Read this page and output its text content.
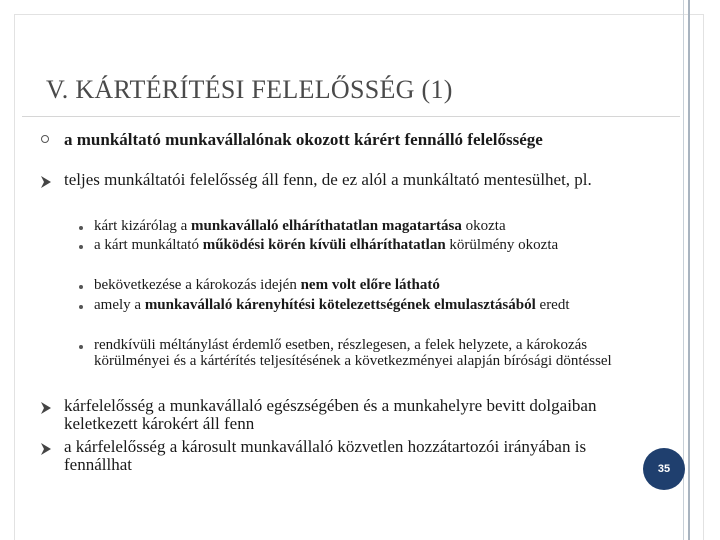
V. KÁRTÉRÍTÉSI FELELŐSSÉG (1)
a munkáltató munkavállalónak okozott kárért fennálló felelőssége
teljes munkáltatói felelősség áll fenn, de ez alól a munkáltató mentesülhet, pl.
kárt kizárólag a munkavállaló elháríthatatlan magatartása okozta
a kárt munkáltató működési körén kívüli elháríthatatlan körülmény okozta
bekövetkezése a károkozás idején nem volt előre látható
amely a munkavállaló kárenyhítési kötelezettségének elmulasztásából eredt
rendkívüli méltánylást érdemlő esetben, részlegesen, a felek helyzete, a károkozás körülményei és a kártérítés teljesítésének a következményei alapján bírósági döntéssel
kárfelelősség a munkavállaló egészségében és a munkahelyre bevitt dolgaiban keletkezett károkért áll fenn
a kárfelelősség a károsult munkavállaló közvetlen hozzátartozói irányában is fennállhat	35
